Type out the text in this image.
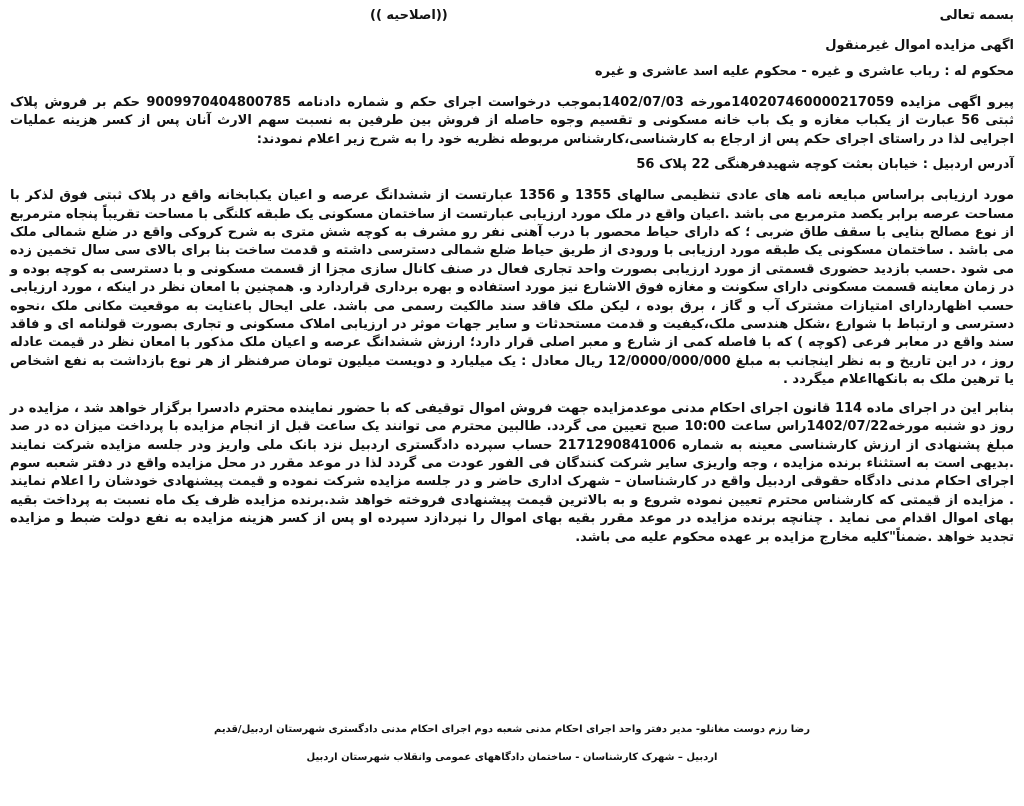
بسمه تعالی
((اصلاحیه ))
اگهی مزایده اموال غیرمنقول
محکوم له : رباب عاشری و غیره - محکوم علیه اسد عاشری و غیره

پیرو اگهی مزایده 140207460000217059مورخه 1402/07/03بموجب درخواست اجرای حکم و شماره دادنامه 9009970404800785 حکم بر فروش پلاک ثبتی 56 عبارت از یکباب مغازه و یک باب خانه مسکونی و تقسیم وجوه حاصله از فروش بین طرفین به نسبت سهم الارث آنان پس از کسر هزینه عملیات اجرایی لذا در راستای اجرای حکم پس از ارجاع به کارشناسی،کارشناس مربوطه نظریه خود را به شرح زیر اعلام نمودند:

آدرس اردبیل : خیابان بعثت کوچه شهیدفرهنگی 22 پلاک 56

مورد ارزیابی براساس مبایعه نامه های عادی تنظیمی سالهای 1355 و 1356 عبارتست از ششدانگ عرصه و اعیان یکبابخانه واقع در پلاک ثبتی فوق لذکر با مساحت عرصه برابر یکصد مترمربع می باشد .اعیان واقع در ملک مورد ارزیابی عبارتست از ساختمان مسکونی یک طبقه کلنگی با مساحت تقریباً پنجاه مترمربع از نوع مصالح بنایی با سقف طاق ضربی ؛ که دارای حیاط محصور با درب آهنی نفر رو مشرف به کوچه شش متری به شرح کروکی واقع در ضلع شمالی ملک می باشد . ساختمان مسکونی یک طبقه مورد ارزیابی با ورودی از طریق حیاط ضلع شمالی دسترسی داشته و قدمت ساخت بنا برای بالای سی سال تخمین زده می شود .حسب بازدید حضوری قسمتی از مورد ارزیابی بصورت واحد تجاری فعال در صنف کانال سازی مجزا از قسمت مسکونی و با دسترسی به کوچه بوده و در زمان معاینه قسمت مسکونی دارای سکونت و مغازه فوق الاشارع نیز مورد استفاده و بهره برداری قراردارد و. همچنین با امعان نظر در اینکه ، مورد ارزیابی حسب اظهاردارای امتیازات مشترک آب و گاز ، برق بوده ، لیکن ملک فاقد سند مالکیت رسمی می باشد. علی ایحال باعنایت به موقعیت مکانی ملک ،نحوه دسترسی و ارتباط با شوارع ،شکل هندسی ملک،کیفیت و قدمت مستحدثات و سایر جهات موثر در ارزیابی املاک مسکونی و تجاری بصورت قولنامه ای و فاقد سند واقع در معابر فرعی (کوچه ) که با فاصله کمی از شارع و معبر اصلی قرار دارد؛ ارزش ششدانگ عرصه و اعیان ملک مذکور با امعان نظر در قیمت عادله روز ، در این تاریخ و به نظر اینجانب به مبلغ 12/0000/000/000 ریال معادل : یک میلیارد و دویست میلیون تومان صرفنظر از هر نوع بازداشت به نفع اشخاص یا ترهین ملک به بانکهااعلام میگردد .

بنابر این در اجرای ماده 114 قانون اجرای احکام مدنی موعدمزایده جهت فروش اموال توقیفی که با حضور نماینده محترم دادسرا برگزار خواهد شد ، مزایده در روز دو شنبه مورخه1402/07/22راس ساعت 10:00 صبح تعیین می گردد. طالبین محترم می توانند یک ساعت قبل از انجام مزایده با پرداخت میزان ده در صد مبلغ پشنهادی از ارزش کارشناسی معینه به شماره 2171290841006 حساب سپرده دادگستری اردبیل نزد بانک ملی واریز ودر جلسه مزایده شرکت نمایند .بدیهی است به استثناء برنده مزایده ، وجه واریزی سایر شرکت کنندگان فی الفور عودت می گردد لذا در موعد مقرر در محل مزایده واقع در دفتر شعبه سوم اجرای احکام مدنی دادگاه حقوقی اردبیل واقع در کارشناسان – شهرک اداری حاضر و در جلسه مزایده شرکت نموده و قیمت پیشنهادی خودشان را اعلام نمایند . مزایده از قیمتی که کارشناس محترم تعیین نموده شروع و به بالاترین قیمت پیشنهادی فروخته خواهد شد.برنده مزایده ظرف یک ماه نسبت به پرداخت بقیه بهای اموال اقدام می نماید . چنانچه برنده مزایده در موعد مقرر بقیه بهای اموال را نپردازد سپرده او پس از کسر هزینه مزایده به نفع دولت ضبط و مزایده تجدید خواهد .ضمناً"کلیه مخارج مزایده بر عهده محکوم علیه می باشد.

رضا رزم دوست مغانلو- مدیر دفتر واحد اجرای احکام مدنی شعبه دوم اجرای احکام مدنی دادگستری شهرستان اردبیل/قدیم
اردبیل – شهرک کارشناسان - ساختمان دادگاههای عمومی وانقلاب شهرستان اردبیل
